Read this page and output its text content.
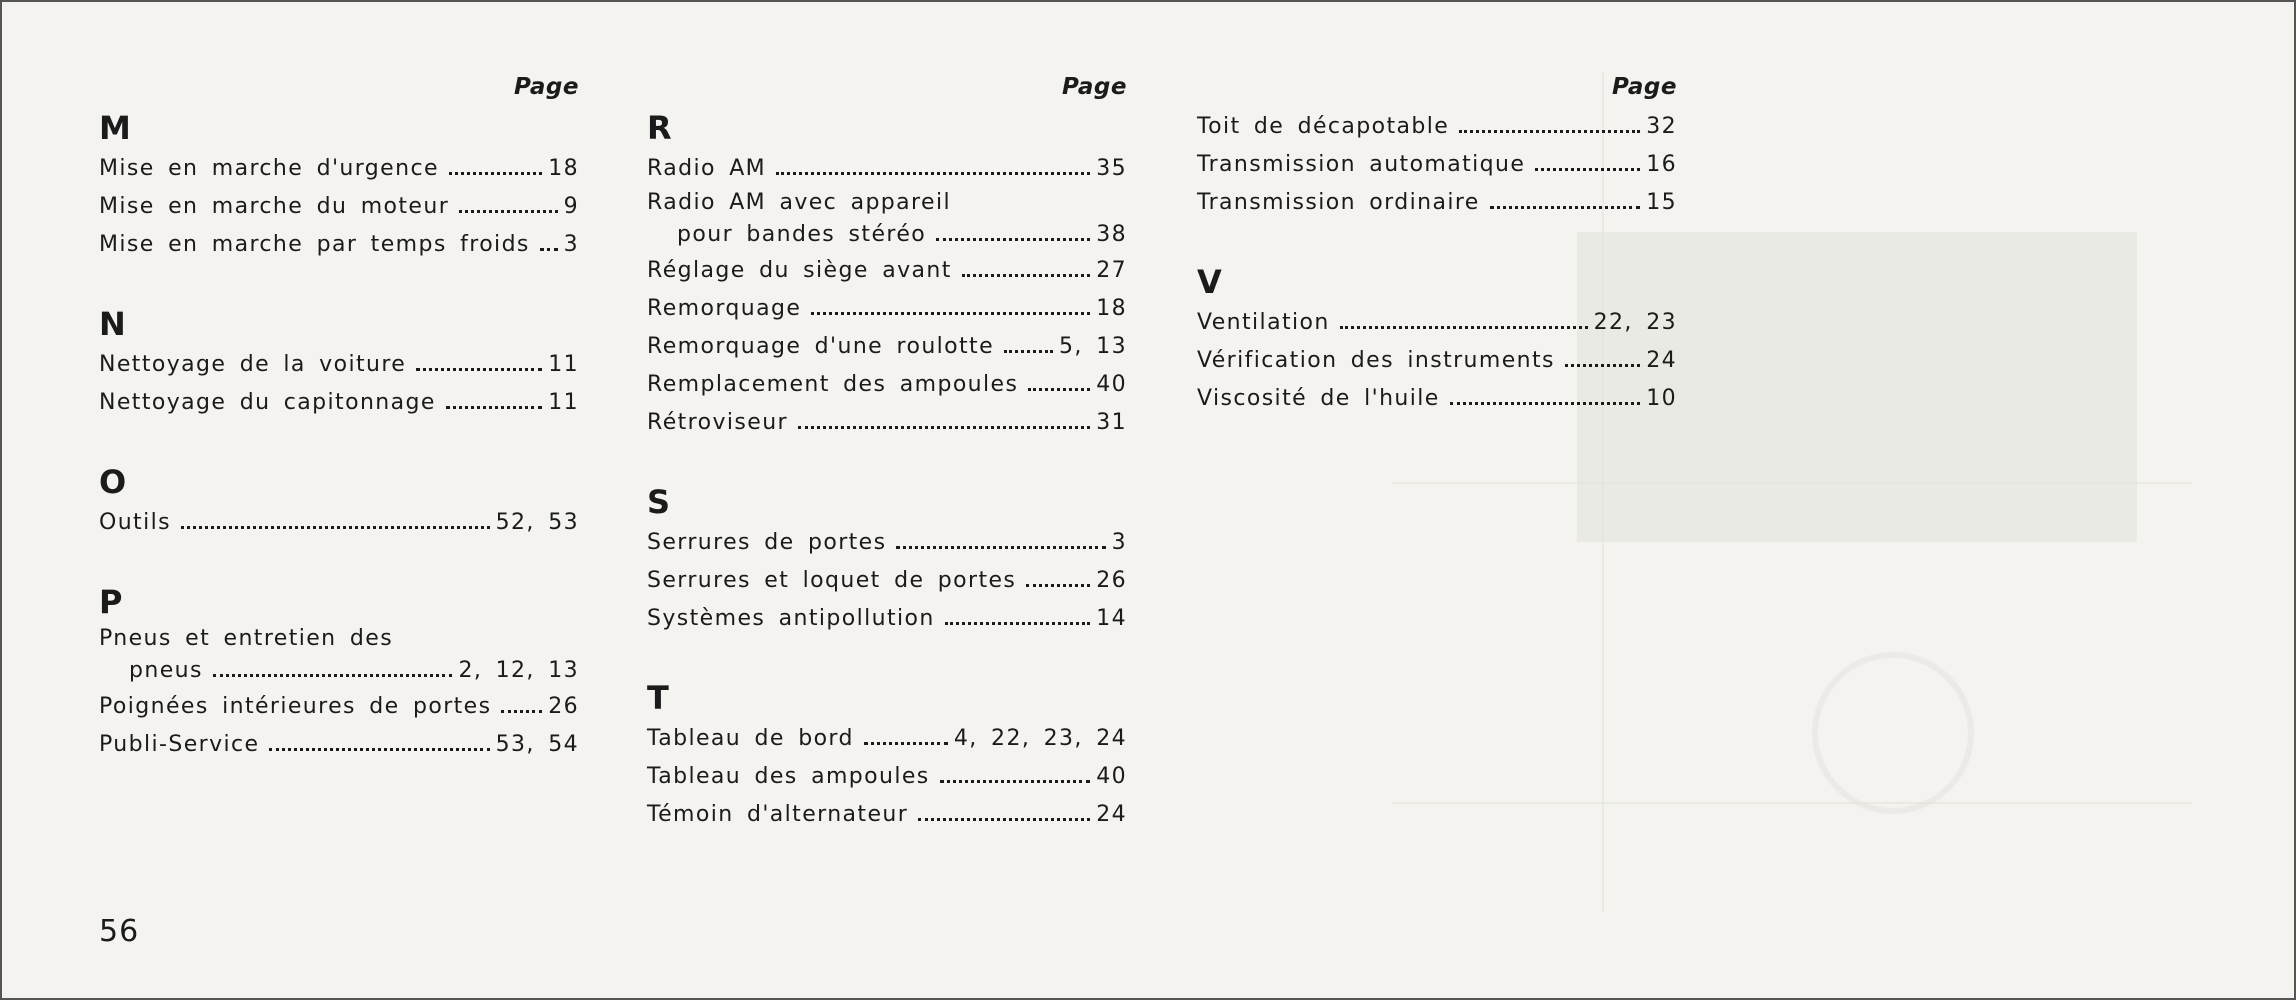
Page
M
Mise en marche d'urgence	18
Mise en marche du moteur	9
Mise en marche par temps froids 3
N
Nettoyage de la voiture	11
Nettoyage du capitonnage	11
O
Outils	52, 53
P
Pneus et entretien des
pneus	2, 12, 13
Poignées intérieures de portes	26
Publi-Service	53, 54
Page
R
Radio AM	35
Radio AM avec appareil
pour bandes stéréo	38
Réglage du siège avant	27
Remorquage	18
Remorquage d'une roulotte	5, 13
Remplacement des ampoules	40
Rétroviseur	31
S
Serrures de portes	3
Serrures et loquet de portes	26
Systèmes antipollution	14
T
Tableau de bord	4, 22, 23, 24
Tableau des ampoules	40
Témoin d'alternateur	24
Page
Toit de décapotable	32
Transmission automatique	16
Transmission ordinaire	15
V
Ventilation	22, 23
Vérification des instruments	24
Viscosité de l'huile	10
56
